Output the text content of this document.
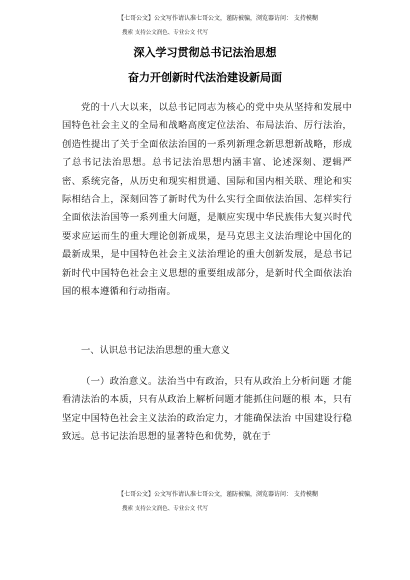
【七哥公文】公文写作请认准七哥公文，谨防被骗，浏览器访问： 支持模糊
搜索 支持公文润色、专业公文 代写
深入学习贯彻总书记法治思想
奋力开创新时代法治建设新局面

党的十八大以来，以总书记同志为核心的党中央从坚持和发展中国特色社会主义的全局和战略高度定位法治、布局法治、厉行法治，创造性提出了关于全面依法治国的一系列新理念新思想新战略，形成了总书记法治思想。总书记法治思想内涵丰富、论述深刻、逻辑严密、系统完备，从历史和现实相贯通、国际和国内相关联、理论和实际相结合上，深刻回答了新时代为什么实行全面依法治国、怎样实行全面依法治国等一系列重大问题，是顺应实现中华民族伟大复兴时代要求应运而生的重大理论创新成果，是马克思主义法治理论中国化的最新成果，是中国特色社会主义法治理论的重大创新发展，是总书记新时代中国特色社会主义思想的重要组成部分，是新时代全面依法治国的根本遵循和行动指南。

一、认识总书记法治思想的重大意义

（一）政治意义。法治当中有政治，只有从政治上分析问题 才能看清法治的本质，只有从政治上解析问题才能抓住问题的根 本，只有坚定中国特色社会主义法治的政治定力，才能确保法治 中国建设行稳致远。总书记法治思想的显著特色和优势，就在于

【七哥公文】公文写作请认准七哥公文，谨防被骗，浏览器访问： 支持模糊
搜索 支持公文润色、专业公文 代写
